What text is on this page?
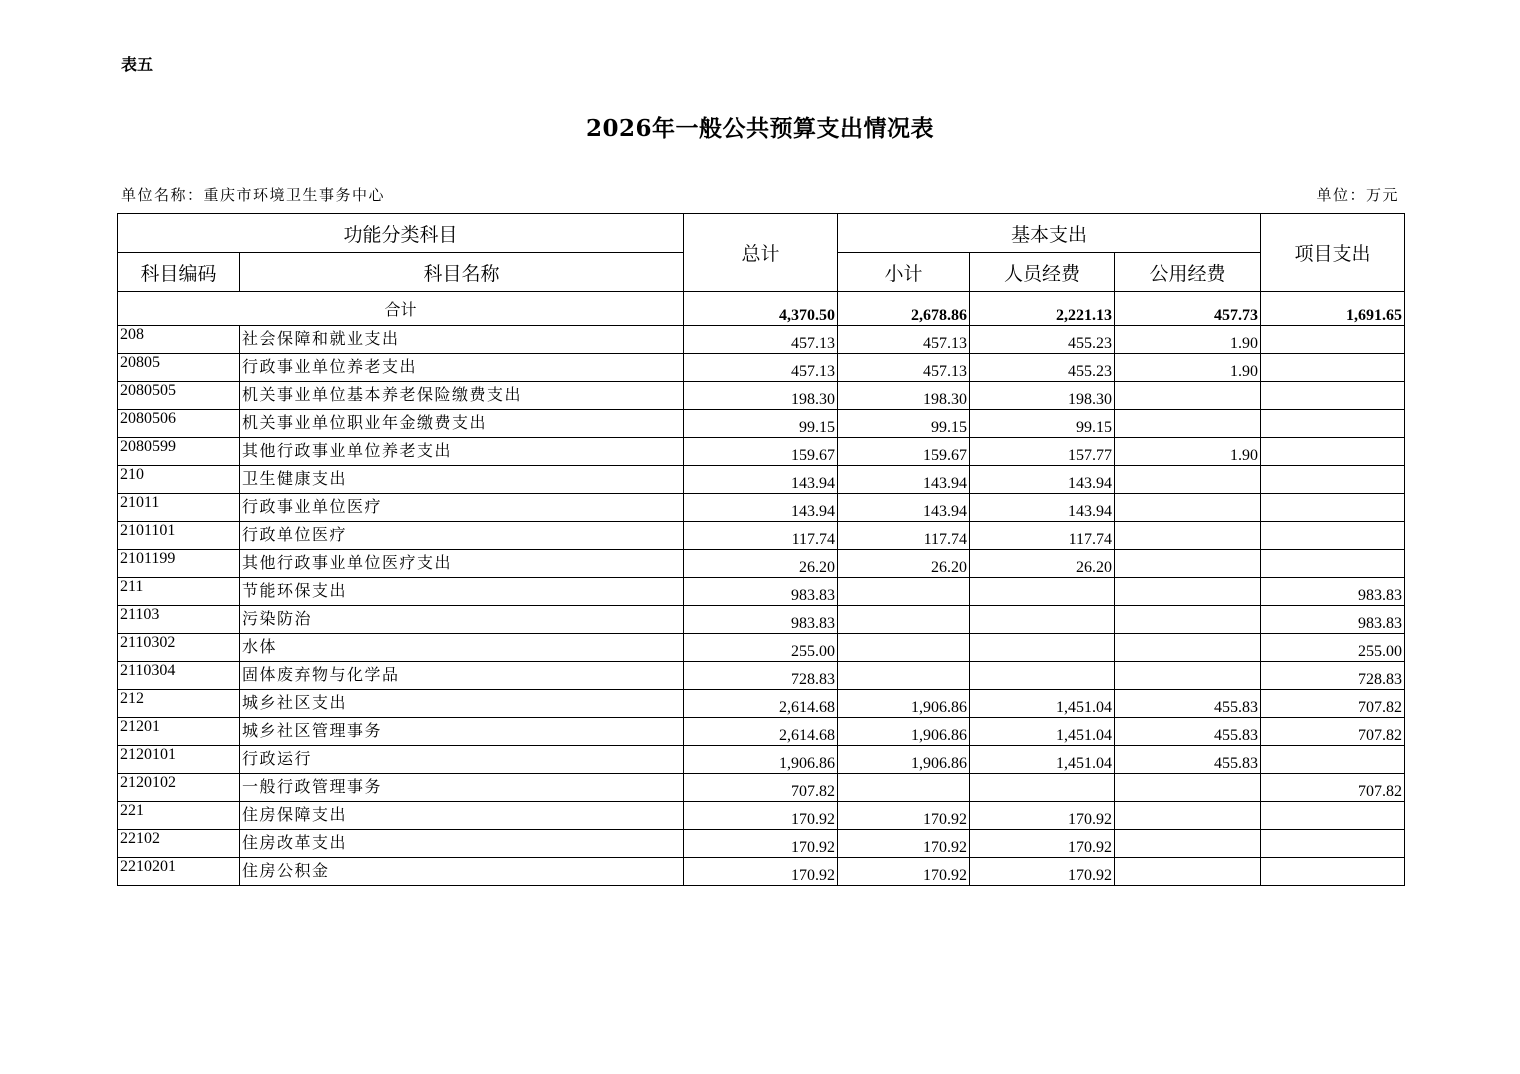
表五
2026年一般公共预算支出情况表
单位名称：重庆市环境卫生事务中心	单位：万元
功能分类科目		总计	基本支出			项目支出
科目编码	科目名称		小计	人员经费	公用经费	
合计		4,370.50	2,678.86	2,221.13	457.73	1,691.65
208	社会保障和就业支出	457.13	457.13	455.23	1.90	
20805	行政事业单位养老支出	457.13	457.13	455.23	1.90	
2080505	机关事业单位基本养老保险缴费支出	198.30	198.30	198.30		
2080506	机关事业单位职业年金缴费支出	99.15	99.15	99.15		
2080599	其他行政事业单位养老支出	159.67	159.67	157.77	1.90	
210	卫生健康支出	143.94	143.94	143.94		
21011	行政事业单位医疗	143.94	143.94	143.94		
2101101	行政单位医疗	117.74	117.74	117.74		
2101199	其他行政事业单位医疗支出	26.20	26.20	26.20		
211	节能环保支出	983.83				983.83
21103	污染防治	983.83				983.83
2110302	水体	255.00				255.00
2110304	固体废弃物与化学品	728.83				728.83
212	城乡社区支出	2,614.68	1,906.86	1,451.04	455.83	707.82
21201	城乡社区管理事务	2,614.68	1,906.86	1,451.04	455.83	707.82
2120101	行政运行	1,906.86	1,906.86	1,451.04	455.83	
2120102	一般行政管理事务	707.82				707.82
221	住房保障支出	170.92	170.92	170.92		
22102	住房改革支出	170.92	170.92	170.92		
2210201	住房公积金	170.92	170.92	170.92		
